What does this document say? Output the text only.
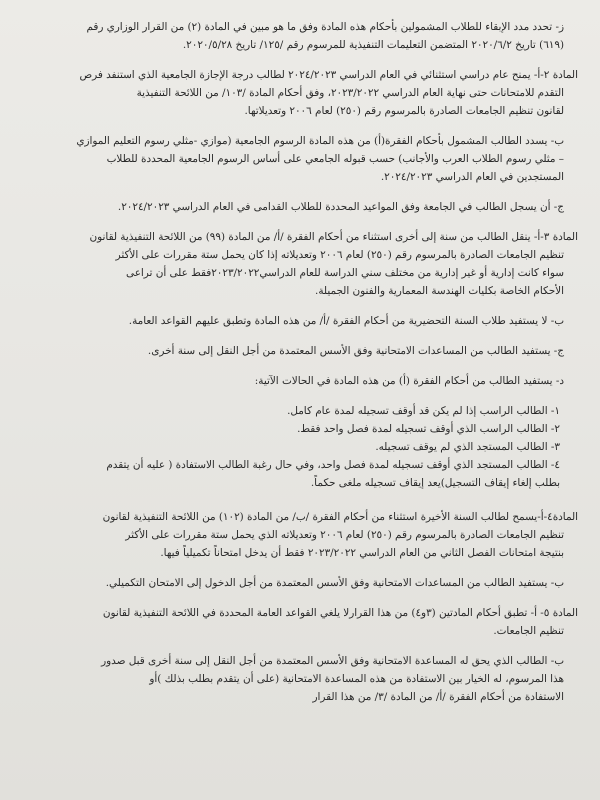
ز- تحدد مدد الإبقاء للطلاب المشمولين بأحكام هذه المادة وفق ما هو مبين في المادة (٢) من القرار الوزاري رقم
(٦١٩) تاريخ ٢٠٢٠/٦/٢ المتضمن التعليمات التنفيذية للمرسوم رقم /١٢٥/ تاريخ ٢٠٢٠/٥/٢٨.

المادة ٢-أ- يمنح عام دراسي استثنائي في العام الدراسي ٢٠٢٤/٢٠٢٣ لطالب درجة الإجازة الجامعية الذي استنفد فرص
التقدم للامتحانات حتى نهاية العام الدراسي ٢٠٢٣/٢٠٢٢، وفق أحكام المادة /١٠٣/ من اللائحة التنفيذية
لقانون تنظيم الجامعات الصادرة بالمرسوم رقم (٢٥٠) لعام ٢٠٠٦ وتعديلاتها.

ب- يسدد الطالب المشمول بأحكام الفقرة(أ) من هذه المادة الرسوم الجامعية (موازي -مثلي رسوم التعليم الموازي
– مثلي رسوم الطلاب العرب والأجانب) حسب قبوله الجامعي على أساس الرسوم الجامعية المحددة للطلاب
المستجدين في العام الدراسي ٢٠٢٤/٢٠٢٣.

ج- أن يسجل الطالب في الجامعة وفق المواعيد المحددة للطلاب القدامى في العام الدراسي ٢٠٢٤/٢٠٢٣.

المادة ٣-أ- ينقل الطالب من سنة إلى أخرى استثناء من أحكام الفقرة /أ/ من المادة (٩٩) من اللائحة التنفيذية لقانون
تنظيم الجامعات الصادرة بالمرسوم رقم (٢٥٠) لعام ٢٠٠٦ وتعديلاته إذا كان يحمل ستة مقررات على الأكثر
سواء كانت إدارية أو غير إدارية من مختلف سني الدراسة للعام الدراسي٢٠٢٣/٢٠٢٢فقط على أن تراعى
الأحكام الخاصة بكليات الهندسة المعمارية والفنون الجميلة.

ب- لا يستفيد طلاب السنة التحضيرية من أحكام الفقرة /أ/ من هذه المادة وتطبق عليهم القواعد العامة.

ج- يستفيد الطالب من المساعدات الامتحانية وفق الأسس المعتمدة من أجل النقل إلى سنة أخرى.

د- يستفيد الطالب من أحكام الفقرة (أ) من هذه المادة في الحالات الآتية:

١- الطالب الراسب إذا لم يكن قد أوقف تسجيله لمدة عام كامل.
٢- الطالب الراسب الذي أوقف تسجيله لمدة فصل واحد فقط.
٣- الطالب المستجد الذي لم يوقف تسجيله.
٤- الطالب المستجد الذي أوقف تسجيله لمدة فصل واحد، وفي حال رغبة الطالب الاستفادة ( عليه أن يتقدم
بطلب إلغاء إيقاف التسجيل)يعد إيقاف تسجيله ملغى حكماً.

المادة٤-أ-يسمح لطالب السنة الأخيرة استثناء من أحكام الفقرة /ب/ من المادة (١٠٢) من اللائحة التنفيذية لقانون
تنظيم الجامعات الصادرة بالمرسوم رقم (٢٥٠) لعام ٢٠٠٦ وتعديلاته الذي يحمل ستة مقررات على الأكثر
بنتيجة امتحانات الفصل الثاني من العام الدراسي ٢٠٢٣/٢٠٢٢ فقط أن يدخل امتحاناً تكميلياً فيها.

ب- يستفيد الطالب من المساعدات الامتحانية وفق الأسس المعتمدة من أجل الدخول إلى الامتحان التكميلي.

المادة ٥- أ- تطبق أحكام المادتين (٣و٤) من هذا القرارلا يلغي القواعد العامة المحددة في اللائحة التنفيذية لقانون
تنظيم الجامعات.

ب- الطالب الذي يحق له المساعدة الامتحانية وفق الأسس المعتمدة من أجل النقل إلى سنة أخرى قبل صدور
هذا المرسوم، له الخيار بين الاستفادة من هذه المساعدة الامتحانية (على أن يتقدم بطلب بذلك )أو
الاستفادة من أحكام الفقرة /أ/ من المادة /٣/ من هذا القرار
